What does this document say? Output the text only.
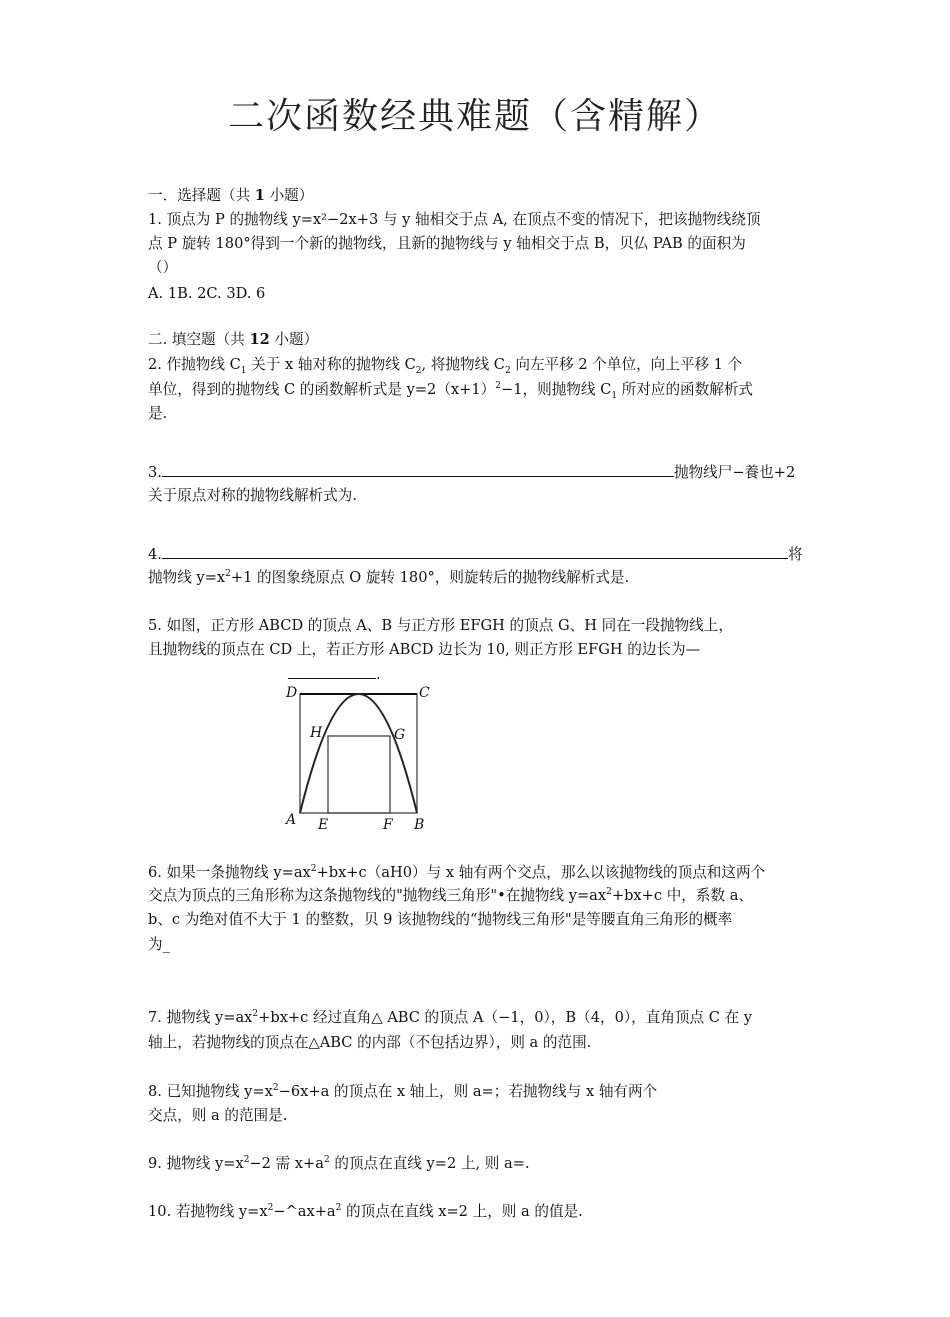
二次函数经典难题（含精解）
一．选择题（共 1 小题）
1. 顶点为 P 的抛物线 y=x²−2x+3 与 y 轴相交于点 A, 在顶点不变的情况下，把该抛物线绕顶
点 P 旋转 180°得到一个新的抛物线，且新的抛物线与 y 轴相交于点 B，贝仏 PAB 的面积为
（）
A. 1B. 2C. 3D. 6
二. 填空题（共 12 小题）
2. 作抛物线 $C_1$ 关于 x 轴对称的抛物线 $C_2$, 将抛物线 $C_2$ 向左平移 2 个单位，向上平移 1 个
单位，得到的抛物线 C 的函数解析式是 $y=2(x+1)^2-1$，则抛物线 $C_1$ 所对应的函数解析式
是.
3.	抛物线尸−養也+2
关于原点对称的抛物线解析式为.
4.	将
抛物线 $y=x^2+1$ 的图象绕原点 O 旋转 180°，则旋转后的抛物线解析式是.
5. 如图，正方形 ABCD 的顶点 A、B 与正方形 EFGH 的顶点 G、H 同在一段抛物线上，
且抛物线的顶点在 CD 上，若正方形 ABCD 边长为 10, 则正方形 EFGH 的边长为—
.
D	C
H	G
A E	F B
6. 如果一条抛物线 $y=ax^2+bx+c(aH0)$与 x 轴有两个交点，那么以该抛物线的顶点和这两个
交点为顶点的三角形称为这条抛物线的"抛物线三角形"•在抛物线 $y=ax^2+bx+c$ 中，系数 a、
b、c 为绝对值不大于 1 的整数，贝 9 该抛物线的“抛物线三角形"是等腰直角三角形的概率
为_
7. 抛物线 $y=ax^2+bx+c$ 经过直角△ ABC 的顶点 A（−1，0），B（4，0），直角顶点 C 在 y
轴上，若抛物线的顶点在△ABC 的内部（不包括边界），则 a 的范围.
8. 已知抛物线 $y=x^2-6x+a$ 的顶点在 x 轴上，则 a=；若抛物线与 x 轴有两个
交点，则 a 的范围是.
9. 抛物线 $y=x^2-2$ 需 $x+a^2$ 的顶点在直线 y=2 上, 则 a=.
10. 若抛物线 $y=x^2-\^{}ax+a^2$ 的顶点在直线 x=2 上，则 a 的值是.
